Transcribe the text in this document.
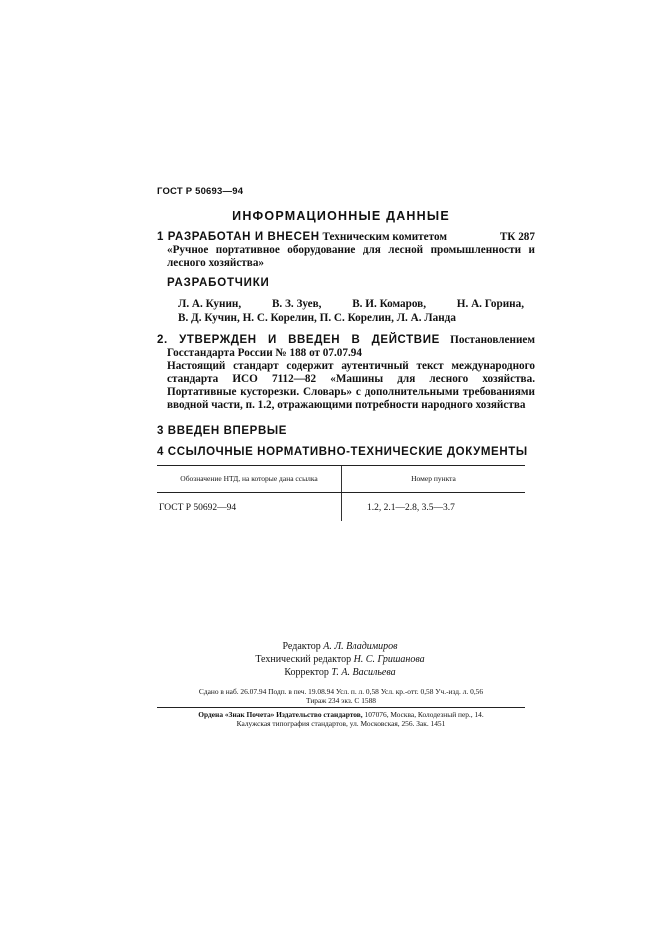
ГОСТ Р 50693—94
ИНФОРМАЦИОННЫЕ ДАННЫЕ
1 РАЗРАБОТАН И ВНЕСЕН Техническим комитетом	ТК 287

«Ручное портативное оборудование для лесной промышленности и лесного хозяйства»
РАЗРАБОТЧИКИ
Л. А. Кунин,	В. З. Зуев,	В. И. Комаров,	Н. А. Горина,
В. Д. Кучин, Н. С. Корелин, П. С. Корелин, Л. А. Ланда
2. УТВЕРЖДЕН И ВВЕДЕН В ДЕЙСТВИЕ Постановлением Госстандарта России № 188 от 07.07.94
Настоящий стандарт содержит аутентичный текст международного стандарта ИСО 7112—82 «Машины для лесного хозяйства. Портативные кусторезки. Словарь» с дополнительными требованиями вводной части, п. 1.2, отражающими потребности народного хозяйства
3 ВВЕДЕН ВПЕРВЫЕ
4 ССЫЛОЧНЫЕ НОРМАТИВНО-ТЕХНИЧЕСКИЕ ДОКУМЕНТЫ
Обозначение НТД, на которые дана ссылка	Номер пункта
ГОСТ Р 50692—94	1.2, 2.1—2.8, 3.5—3.7
Редактор А. Л. Владимиров
Технический редактор Н. С. Гришанова
Корректор Т. А. Васильева
Сдано в наб. 26.07.94 Подп. в печ. 19.08.94 Усл. п. л. 0,58 Усл. кр.-отт. 0,58 Уч.-изд. л. 0,56
Тираж 234 экз. С 1588
Ордена «Знак Почета» Издательство стандартов, 107076, Москва, Колодезный пер., 14.
Калужская типография стандартов, ул. Московская, 256. Зак. 1451
